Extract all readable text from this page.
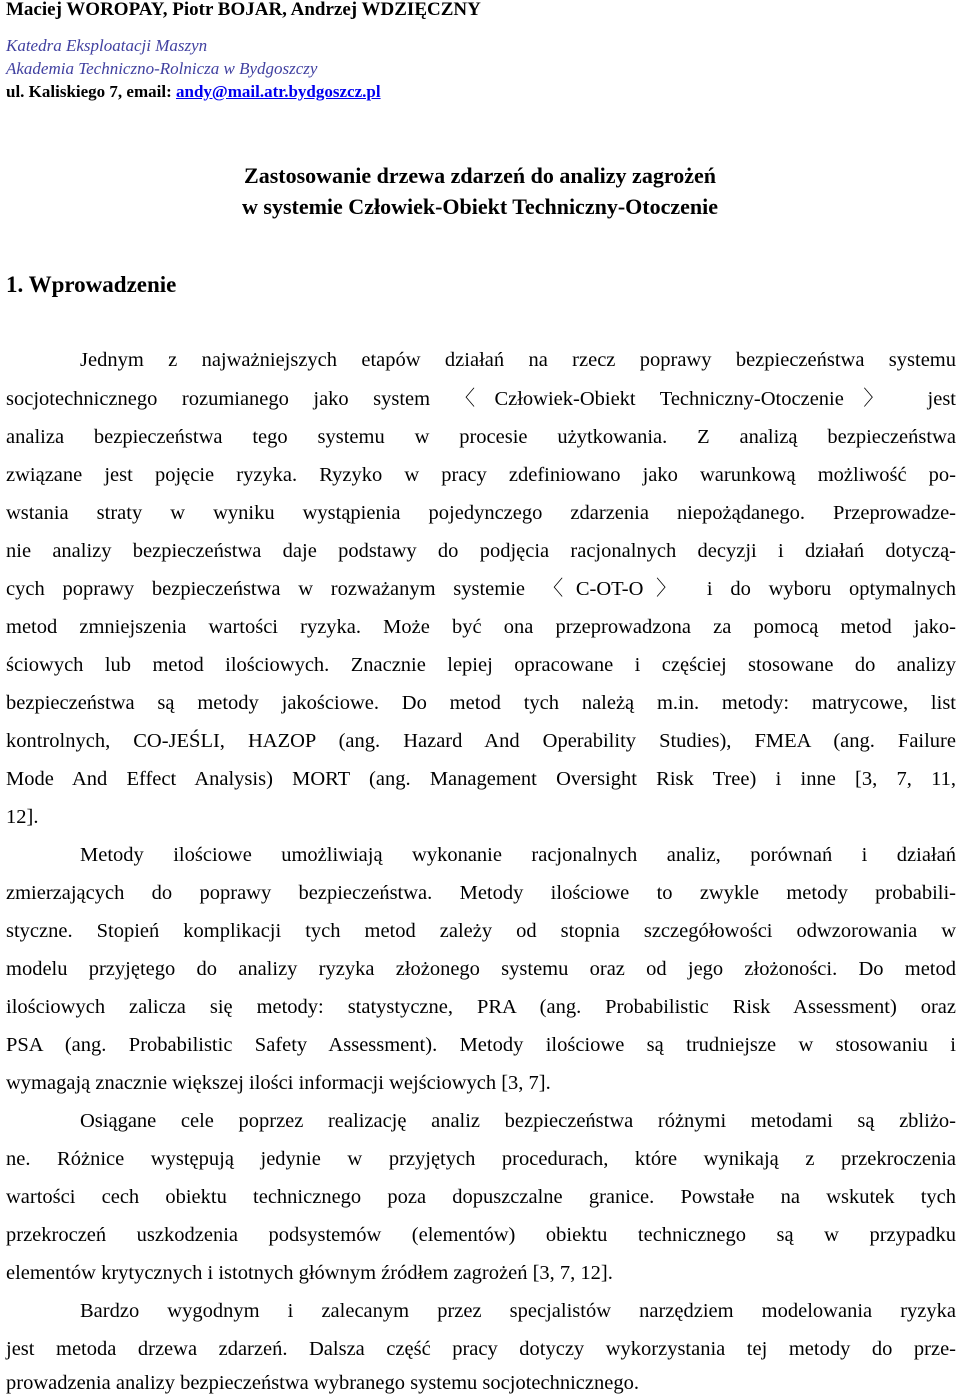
Maciej WOROPAY, Piotr BOJAR, Andrzej WDZIĘCZNY
Katedra Eksploatacji Maszyn
Akademia Techniczno-Rolnicza w Bydgoszczy
ul. Kaliskiego 7, email: andy@mail.atr.bydgoszcz.pl
Zastosowanie drzewa zdarzeń do analizy zagrożeń
w systemie Człowiek-Obiekt Techniczny-Otoczenie
1. Wprowadzenie
Jednym z najważniejszych etapów działań na rzecz poprawy bezpieczeństwa systemu
socjotechnicznego rozumianego jako system 〈Człowiek-Obiekt Techniczny-Otoczenie〉 jest
analiza bezpieczeństwa tego systemu w procesie użytkowania. Z analizą bezpieczeństwa
związane jest pojęcie ryzyka. Ryzyko w pracy zdefiniowano jako warunkową możliwość po-
wstania straty w wyniku wystąpienia pojedynczego zdarzenia niepożądanego. Przeprowadze-
nie analizy bezpieczeństwa daje podstawy do podjęcia racjonalnych decyzji i działań dotyczą-
cych poprawy bezpieczeństwa w rozważanym systemie 〈C-OT-O〉 i do wyboru optymalnych
metod zmniejszenia wartości ryzyka. Może być ona przeprowadzona za pomocą metod jako-
ściowych lub metod ilościowych. Znacznie lepiej opracowane i częściej stosowane do analizy
bezpieczeństwa są metody jakościowe. Do metod tych należą m.in. metody: matrycowe, list
kontrolnych, CO-JEŚLI, HAZOP (ang. Hazard And Operability Studies), FMEA (ang. Failure
Mode And Effect Analysis) MORT (ang. Management Oversight Risk Tree) i inne [3, 7, 11,
12].
Metody ilościowe umożliwiają wykonanie racjonalnych analiz, porównań i działań
zmierzających do poprawy bezpieczeństwa. Metody ilościowe to zwykle metody probabili-
styczne. Stopień komplikacji tych metod zależy od stopnia szczegółowości odwzorowania w
modelu przyjętego do analizy ryzyka złożonego systemu oraz od jego złożoności. Do metod
ilościowych zalicza się metody: statystyczne, PRA (ang. Probabilistic Risk Assessment) oraz
PSA (ang. Probabilistic Safety Assessment). Metody ilościowe są trudniejsze w stosowaniu i
wymagają znacznie większej ilości informacji wejściowych [3, 7].
Osiągane cele poprzez realizację analiz bezpieczeństwa różnymi metodami są zbliżo-
ne. Różnice występują jedynie w przyjętych procedurach, które wynikają z przekroczenia
wartości cech obiektu technicznego poza dopuszczalne granice. Powstałe na wskutek tych
przekroczeń uszkodzenia podsystemów (elementów) obiektu technicznego są w przypadku
elementów krytycznych i istotnych głównym źródłem zagrożeń [3, 7, 12].
Bardzo wygodnym i zalecanym przez specjalistów narzędziem modelowania ryzyka
jest metoda drzewa zdarzeń. Dalsza część pracy dotyczy wykorzystania tej metody do prze-
prowadzenia analizy bezpieczeństwa wybranego systemu socjotechnicznego.
